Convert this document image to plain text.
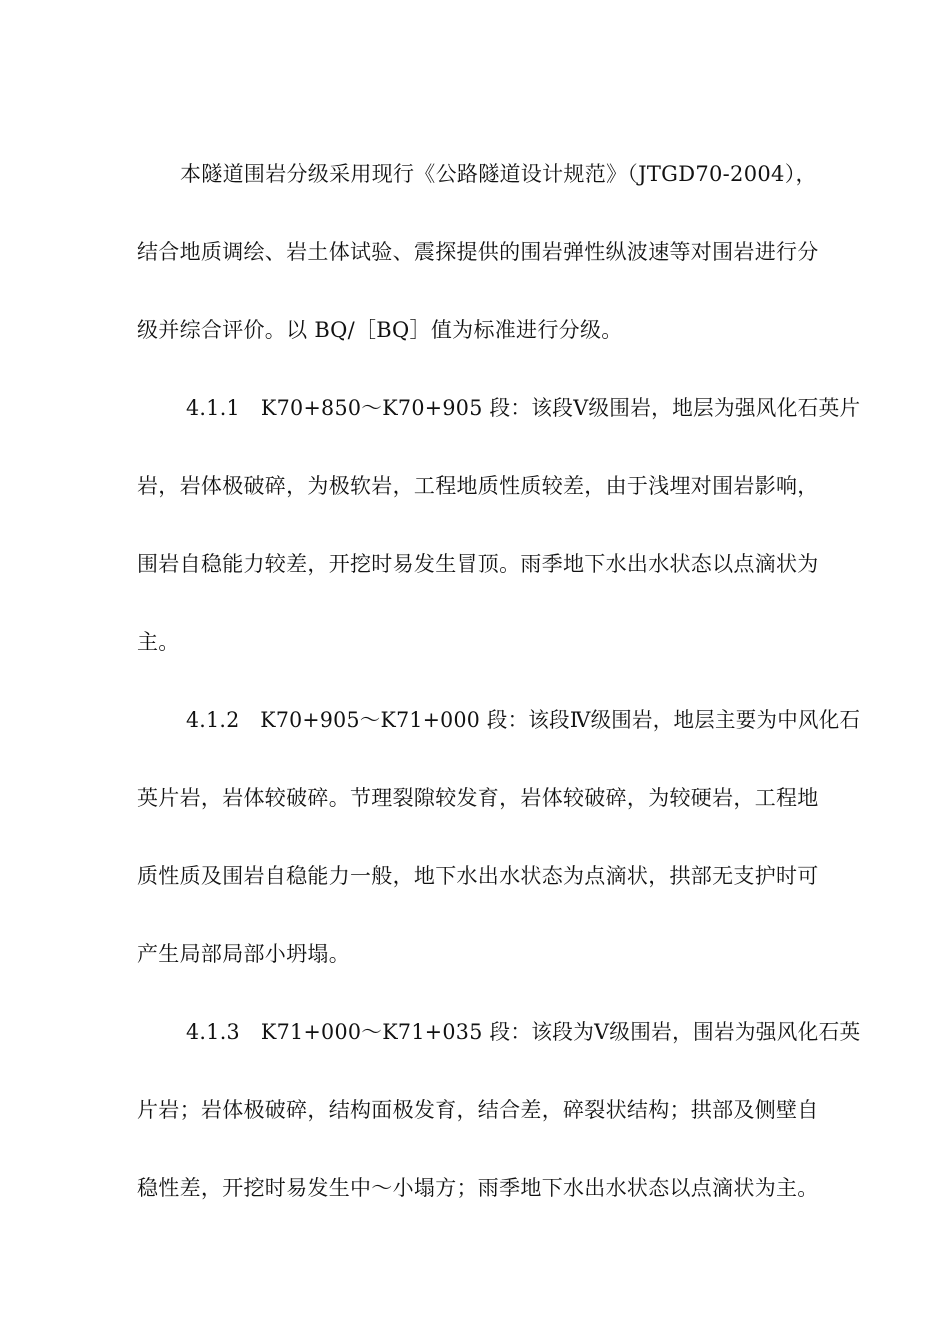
本隧道围岩分级采用现行《公路隧道设计规范》（JTGD70-2004），
结合地质调绘、岩土体试验、震探提供的围岩弹性纵波速等对围岩进行分
级并综合评价。以 BQ/［BQ］值为标准进行分级。
4.1.1　K70+850～K70+905 段：该段Ⅴ级围岩，地层为强风化石英片
岩，岩体极破碎，为极软岩，工程地质性质较差，由于浅埋对围岩影响，
围岩自稳能力较差，开挖时易发生冒顶。雨季地下水出水状态以点滴状为
主。
4.1.2　K70+905～K71+000 段：该段Ⅳ级围岩，地层主要为中风化石
英片岩，岩体较破碎。节理裂隙较发育，岩体较破碎，为较硬岩，工程地
质性质及围岩自稳能力一般，地下水出水状态为点滴状，拱部无支护时可
产生局部局部小坍塌。
4.1.3　K71+000～K71+035 段：该段为Ⅴ级围岩，围岩为强风化石英
片岩；岩体极破碎，结构面极发育，结合差，碎裂状结构；拱部及侧壁自
稳性差，开挖时易发生中～小塌方；雨季地下水出水状态以点滴状为主。
